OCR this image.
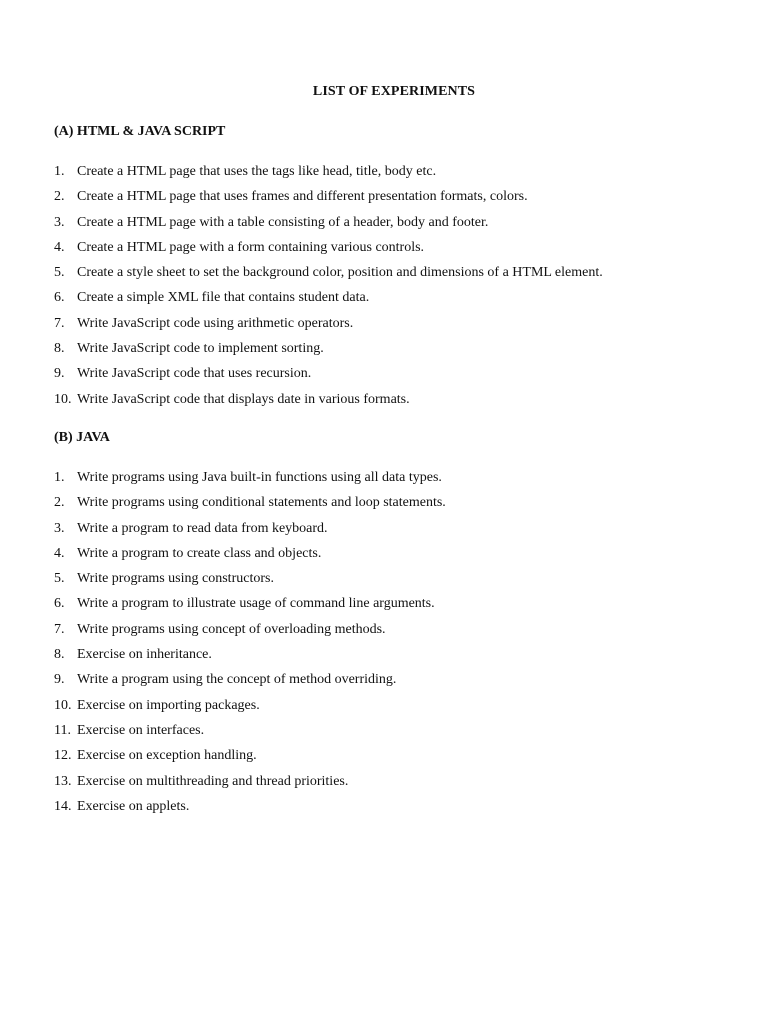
LIST OF EXPERIMENTS
(A) HTML & JAVA SCRIPT
1. Create a HTML page that uses the tags like head, title, body etc.
2. Create a HTML page that uses frames and different presentation formats, colors.
3. Create a HTML page with a table consisting of a header, body and footer.
4. Create a HTML page with a form containing various controls.
5. Create a style sheet to set the background color, position and dimensions of a HTML element.
6. Create a simple XML file that contains student data.
7. Write JavaScript code using arithmetic operators.
8. Write JavaScript code to implement sorting.
9. Write JavaScript code that uses recursion.
10. Write JavaScript code that displays date in various formats.
(B) JAVA
1. Write programs using Java built-in functions using all data types.
2. Write programs using conditional statements and loop statements.
3. Write a program to read data from keyboard.
4. Write a program to create class and objects.
5. Write programs using constructors.
6. Write a program to illustrate usage of command line arguments.
7. Write programs using concept of overloading methods.
8. Exercise on inheritance.
9. Write a program using the concept of method overriding.
10. Exercise on importing packages.
11. Exercise on interfaces.
12. Exercise on exception handling.
13. Exercise on multithreading and thread priorities.
14. Exercise on applets.
